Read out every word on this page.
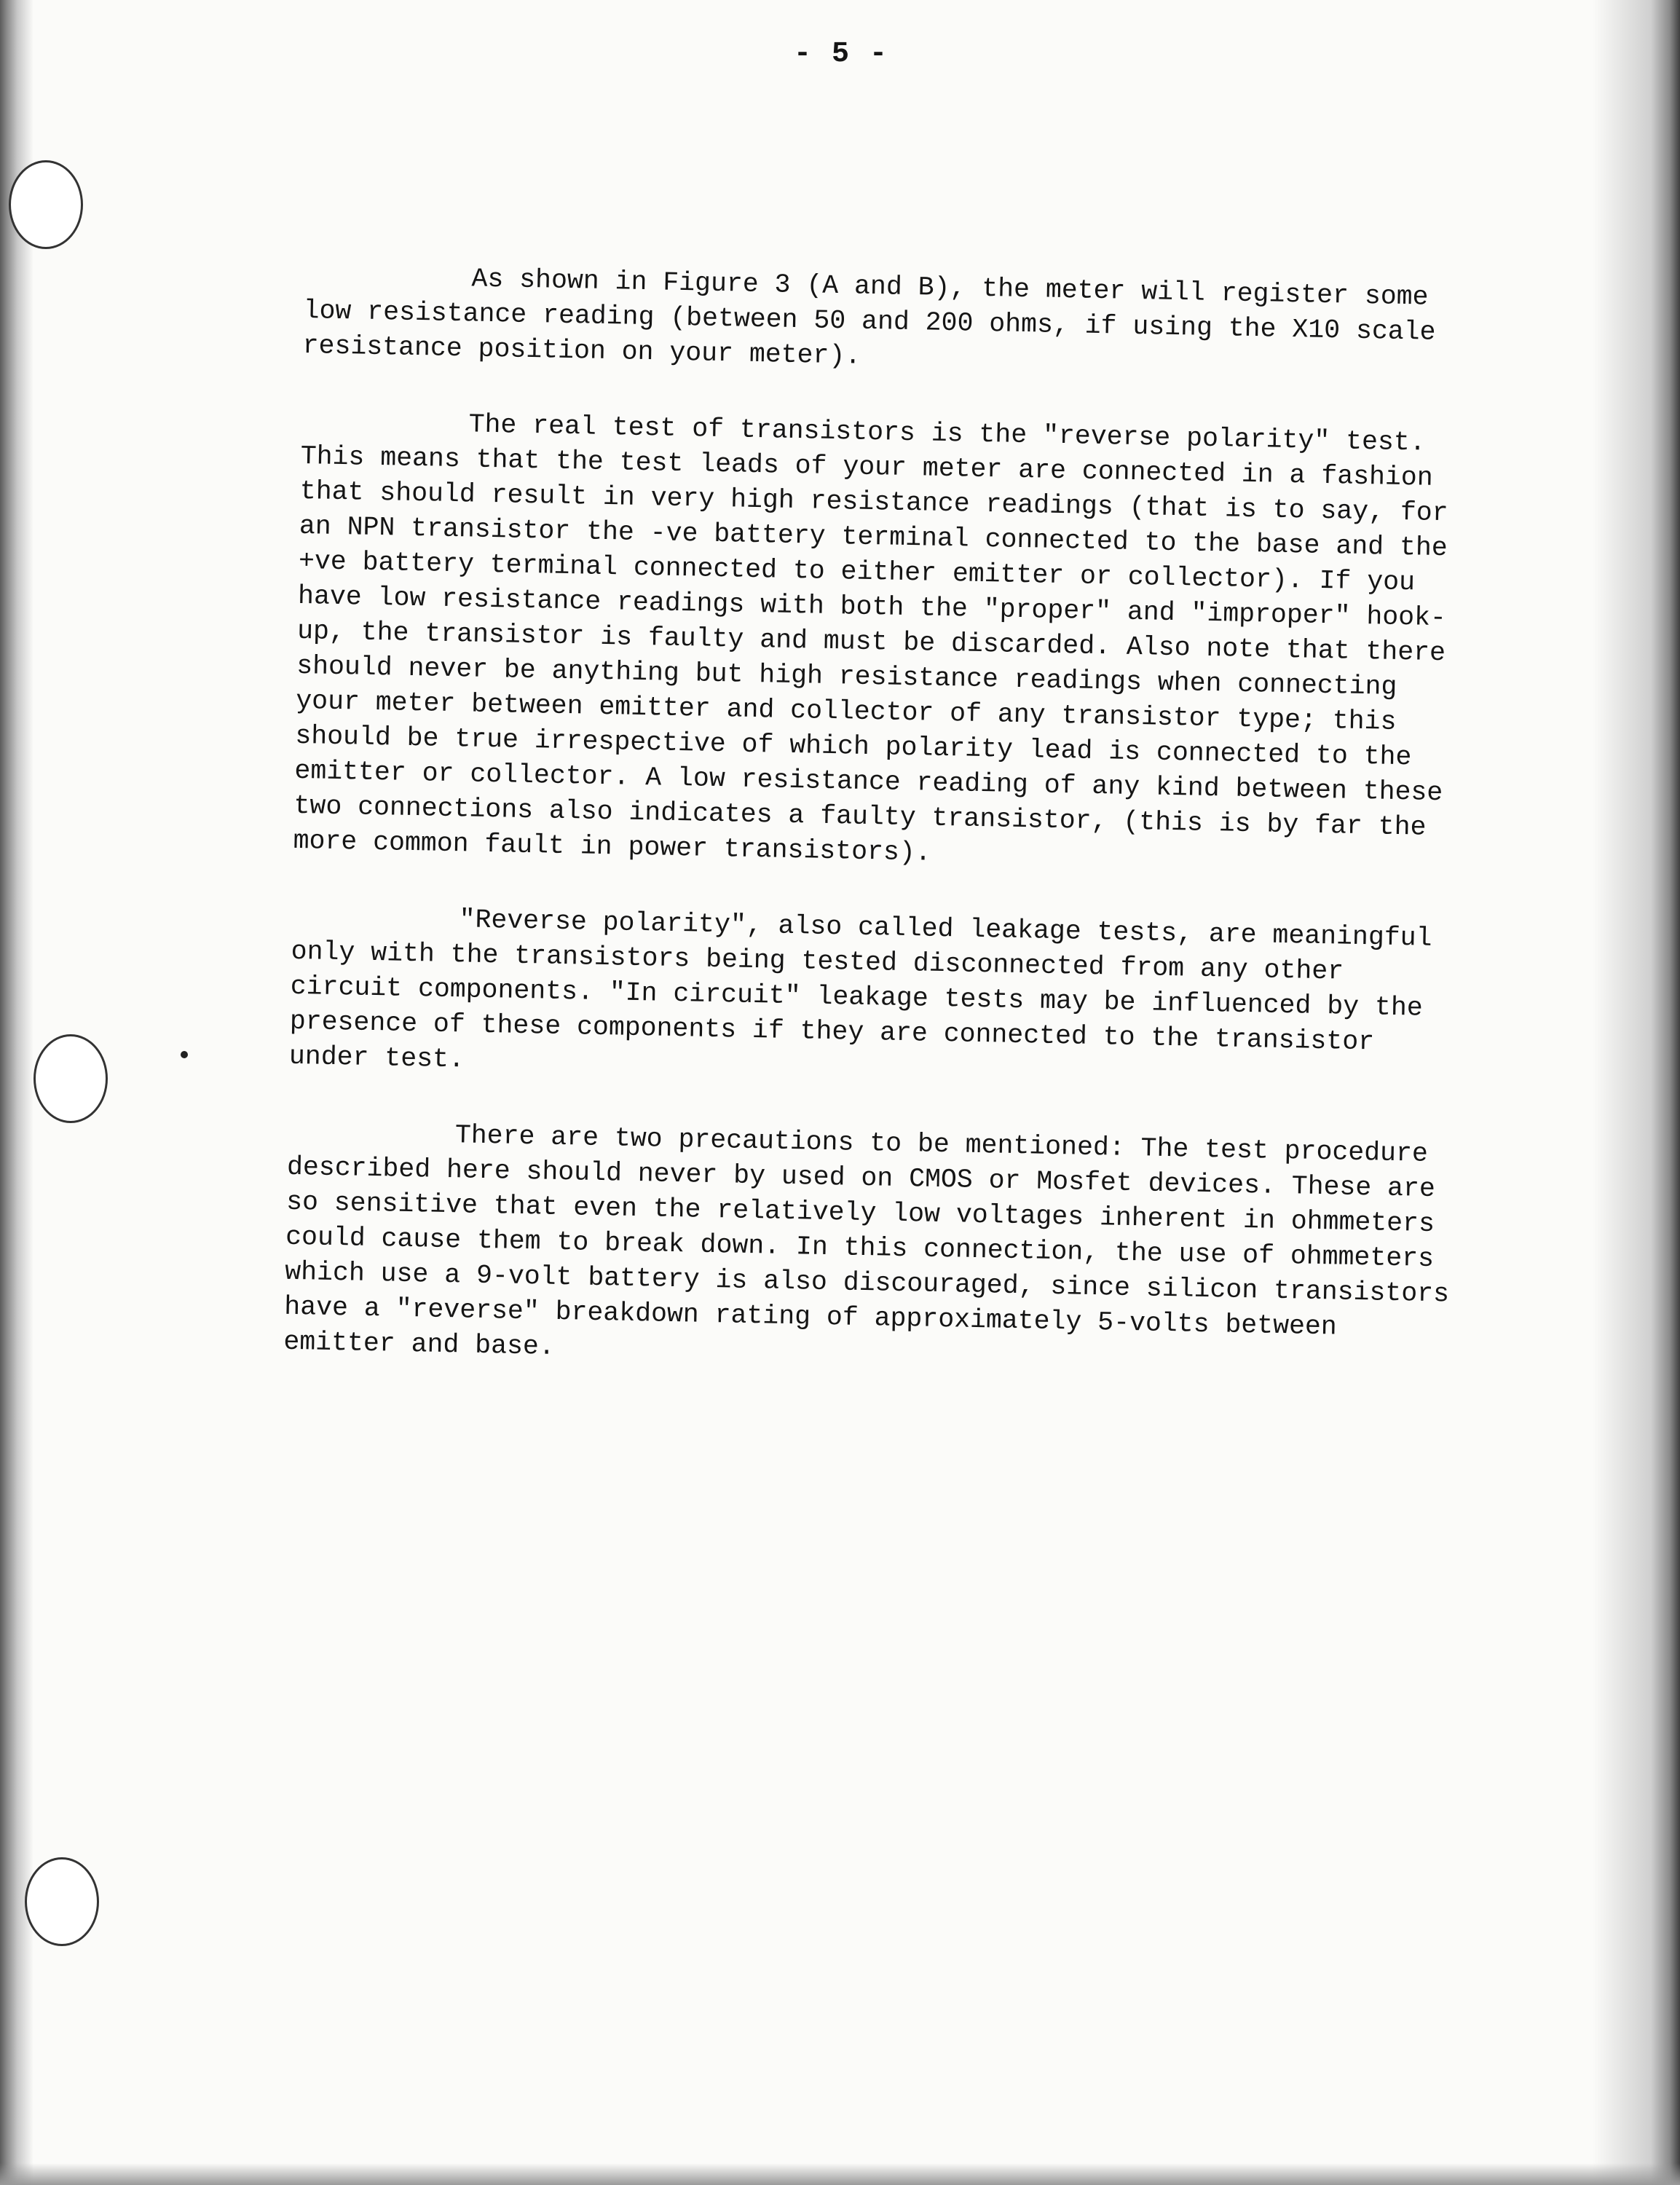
- 5 -

As shown in Figure 3 (A and B), the meter will register some low resistance reading (between 50 and 200 ohms, if using the X10 scale resistance position on your meter).

The real test of transistors is the "reverse polarity" test. This means that the test leads of your meter are connected in a fashion that should result in very high resistance readings (that is to say, for an NPN transistor the -ve battery terminal connected to the base and the +ve battery terminal connected to either emitter or collector). If you have low resistance readings with both the "proper" and "improper" hook-up, the transistor is faulty and must be discarded. Also note that there should never be anything but high resistance readings when connecting your meter between emitter and collector of any transistor type; this should be true irrespective of which polarity lead is connected to the emitter or collector. A low resistance reading of any kind between these two connections also indicates a faulty transistor, (this is by far the more common fault in power transistors).

"Reverse polarity", also called leakage tests, are meaningful only with the transistors being tested disconnected from any other circuit components. "In circuit" leakage tests may be influenced by the presence of these components if they are connected to the transistor under test.

There are two precautions to be mentioned: The test procedure described here should never by used on CMOS or Mosfet devices. These are so sensitive that even the relatively low voltages inherent in ohmmeters could cause them to break down. In this connection, the use of ohmmeters which use a 9-volt battery is also discouraged, since silicon transistors have a "reverse" breakdown rating of approximately 5-volts between emitter and base.
